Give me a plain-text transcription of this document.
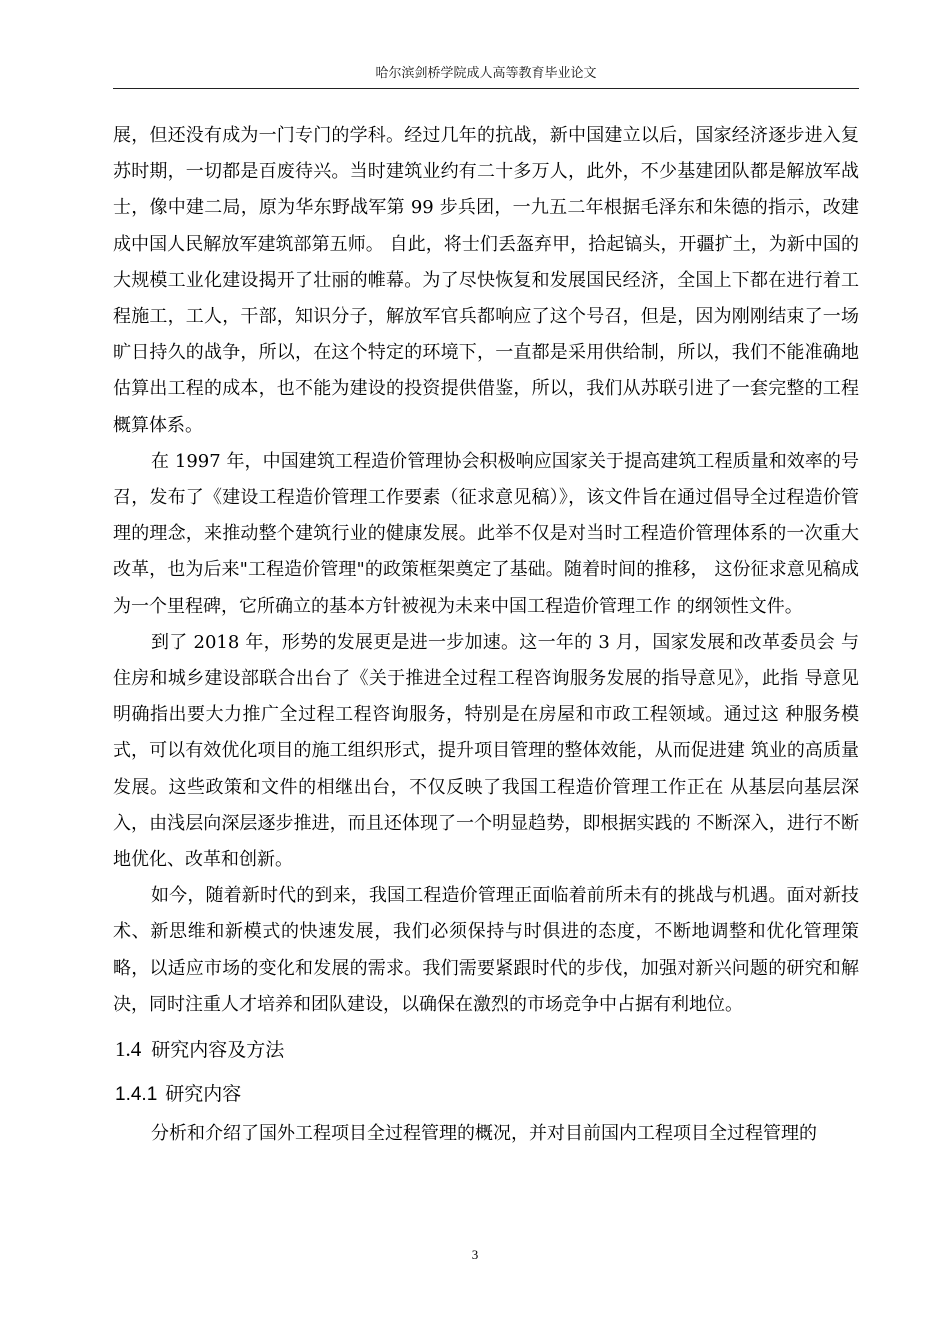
哈尔滨剑桥学院成人高等教育毕业论文

展，但还没有成为一门专门的学科。经过几年的抗战，新中国建立以后，国家经济逐步进入复苏时期，一切都是百废待兴。当时建筑业约有二十多万人，此外，不少基建团队都是解放军战士，像中建二局，原为华东野战军第 99 步兵团，一九五二年根据毛泽东和朱德的指示，改建成中国人民解放军建筑部第五师。 自此，将士们丢盔弃甲，拾起镐头，开疆扩土，为新中国的大规模工业化建设揭开了壮丽的帷幕。为了尽快恢复和发展国民经济，全国上下都在进行着工程施工，工人，干部，知识分子，解放军官兵都响应了这个号召，但是，因为刚刚结束了一场旷日持久的战争，所以，在这个特定的环境下，一直都是采用供给制，所以，我们不能准确地估算出工程的成本，也不能为建设的投资提供借鉴，所以，我们从苏联引进了一套完整的工程概算体系。

在 1997 年，中国建筑工程造价管理协会积极响应国家关于提高建筑工程质量和效率的号召，发布了《建设工程造价管理工作要素（征求意见稿）》，该文件旨在通过倡导全过程造价管理的理念，来推动整个建筑行业的健康发展。此举不仅是对当时工程造价管理体系的一次重大改革，也为后来"工程造价管理"的政策框架奠定了基础。随着时间的推移， 这份征求意见稿成为一个里程碑，它所确立的基本方针被视为未来中国工程造价管理工作 的纲领性文件。

到了 2018 年，形势的发展更是进一步加速。这一年的 3 月，国家发展和改革委员会 与住房和城乡建设部联合出台了《关于推进全过程工程咨询服务发展的指导意见》，此指 导意见明确指出要大力推广全过程工程咨询服务，特别是在房屋和市政工程领域。通过这 种服务模式，可以有效优化项目的施工组织形式，提升项目管理的整体效能，从而促进建 筑业的高质量发展。这些政策和文件的相继出台，不仅反映了我国工程造价管理工作正在 从基层向基层深入，由浅层向深层逐步推进，而且还体现了一个明显趋势，即根据实践的 不断深入，进行不断地优化、改革和创新。

如今，随着新时代的到来，我国工程造价管理正面临着前所未有的挑战与机遇。面对新技术、新思维和新模式的快速发展，我们必须保持与时俱进的态度，不断地调整和优化管理策略，以适应市场的变化和发展的需求。我们需要紧跟时代的步伐，加强对新兴问题的研究和解决，同时注重人才培养和团队建设，以确保在激烈的市场竞争中占据有利地位。

1.4 研究内容及方法
1.4.1 研究内容

分析和介绍了国外工程项目全过程管理的概况，并对目前国内工程项目全过程管理的

3
